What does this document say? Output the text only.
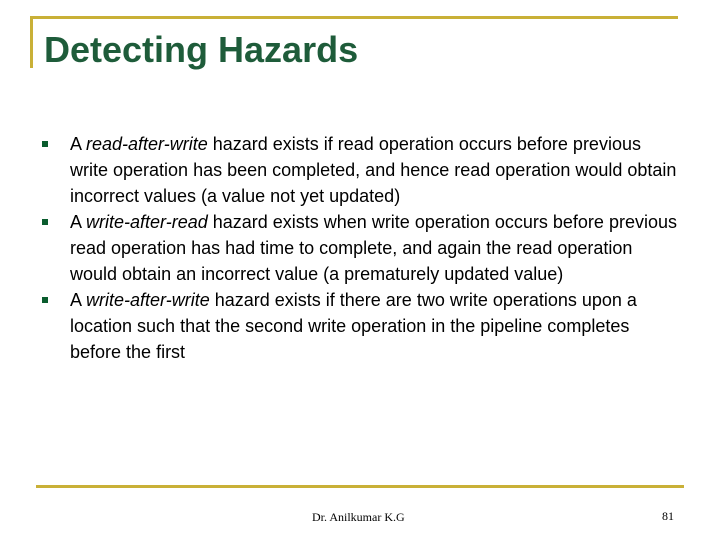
Detecting Hazards
A read-after-write hazard exists if read operation occurs before previous write operation has been completed, and hence read operation would obtain incorrect values (a value not yet updated)
A write-after-read hazard exists when write operation occurs before previous read operation has had time to complete, and again the read operation would obtain an incorrect value (a prematurely updated value)
A write-after-write hazard exists if there are two write operations upon a location such that the second write operation in the pipeline completes before the first
Dr. Anilkumar K.G	81
